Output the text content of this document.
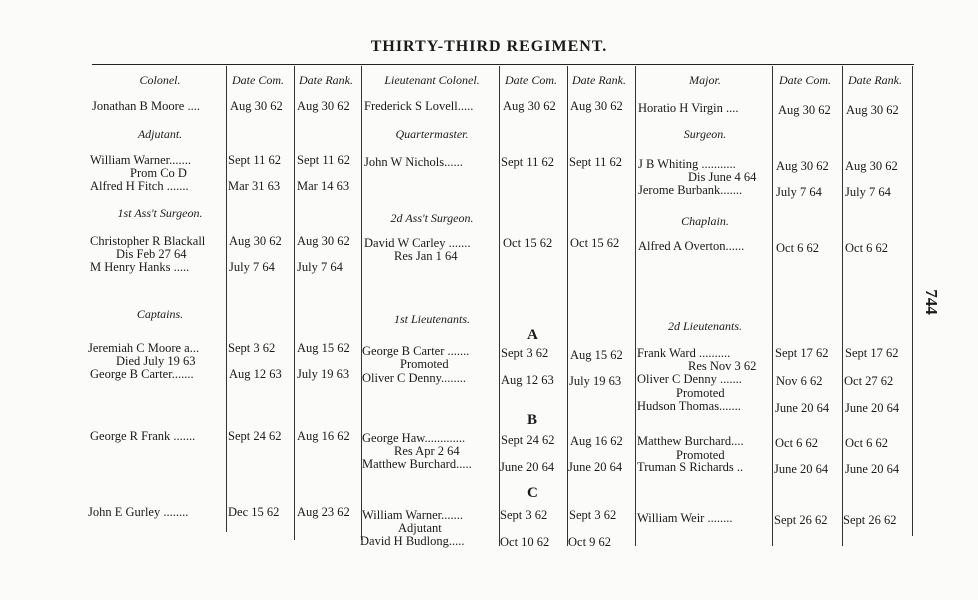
THIRTY-THIRD REGIMENT.
744
Colonel.	Date Com. Date Rank.	Lieutenant Colonel.	Date Com. Date Rank.	Major.	Date Com. Date Rank.
Adjutant.	Quartermaster.	Surgeon.
1st Ass't Surgeon.	2d Ass't Surgeon.	Chaplain.
Captains.	1st Lieutenants.	2d Lieutenants.
A
B
C
Jonathan B Moore .... Aug 30 62 Aug 30 62
William Warner.......	Sept 11 62 Sept 11 62
Prom Co D
Alfred H Fitch .......	Mar 31 63 Mar 14 63
Christopher R Blackall Aug 30 62 Aug 30 62
Dis Feb 27 64
M Henry Hanks .....	July 7 64 July 7 64
Jeremiah C Moore a... Sept 3 62 Aug 15 62
Died July 19 63
George B Carter.......	Aug 12 63 July 19 63
George R Frank .......	Sept 24 62 Aug 16 62
John E Gurley ........	Dec 15 62 Aug 23 62
Frederick S Lovell..... Aug 30 62 Aug 30 62
John W Nichols......	Sept 11 62 Sept 11 62
David W Carley .......	Oct 15 62 Oct 15 62
Res Jan 1 64
George B Carter .......	Sept 3 62 Aug 15 62
Promoted
Oliver C Denny........	Aug 12 63 July 19 63
George Haw.............	Sept 24 62 Aug 16 62
Res Apr 2 64
Matthew Burchard..... June 20 64 June 20 64
William Warner.......	Sept 3 62 Sept 3 62
Adjutant
David H Budlong.....	Oct 10 62 Oct 9 62
Horatio H Virgin ....	Aug 30 62 Aug 30 62
J B Whiting ...........	Aug 30 62 Aug 30 62
Dis June 4 64
Jerome Burbank.......	July 7 64 July 7 64
Alfred A Overton......	Oct 6 62 Oct 6 62
Frank Ward ..........	Sept 17 62 Sept 17 62
Res Nov 3 62
Oliver C Denny .......	Nov 6 62 Oct 27 62
Promoted
Hudson Thomas.......	June 20 64 June 20 64
Matthew Burchard....	Oct 6 62 Oct 6 62
Promoted
Truman S Richards .. June 20 64 June 20 64
William Weir ........	Sept 26 62 Sept 26 62
